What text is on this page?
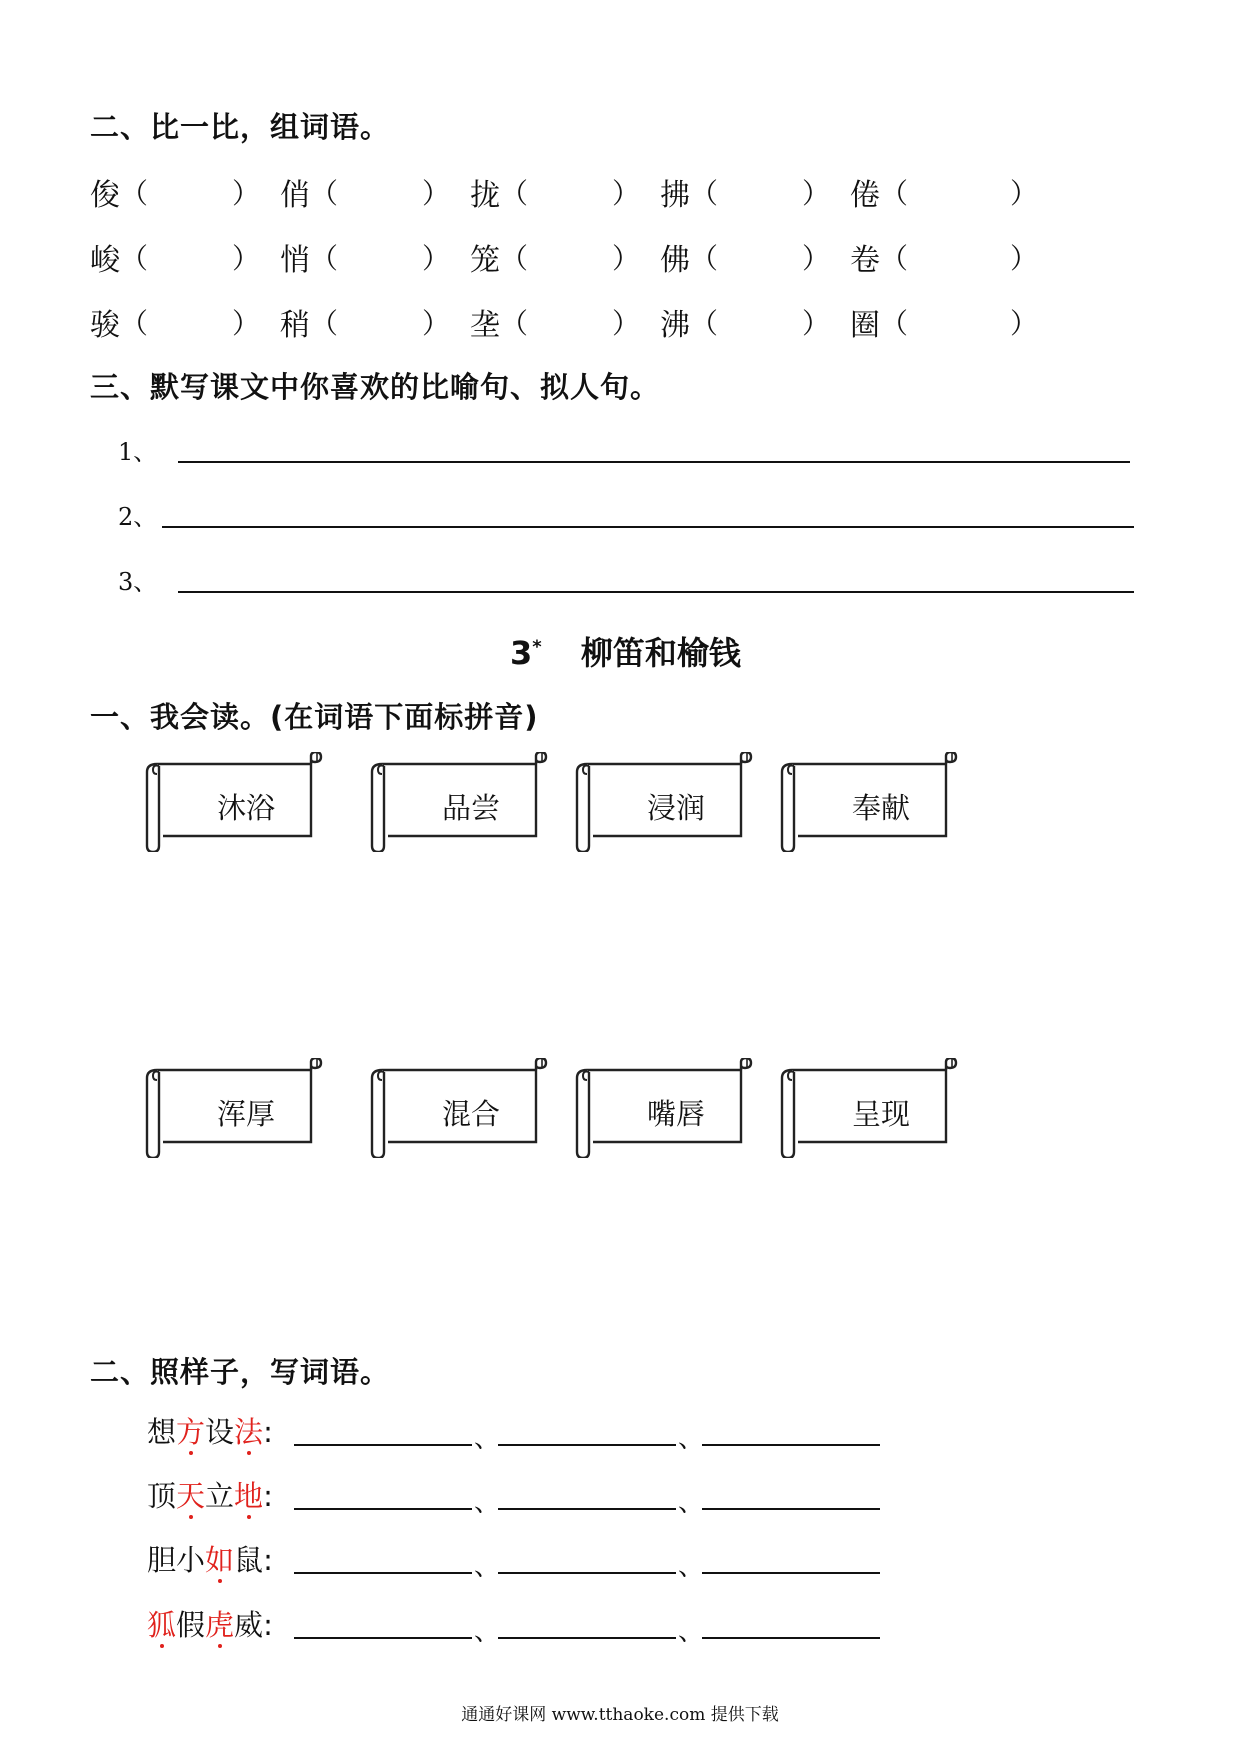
二、比一比，组词语。
俊 （	） 俏 （	） 拢 （	） 拂 （	） 倦 （	）
峻 （	） 悄 （	） 笼 （	） 佛 （	） 卷 （	）
骏 （	） 稍 （	） 垄 （	） 沸 （	） 圈 （	）
三、默写课文中你喜欢的比喻句、拟人句。
1、
2、
3、
3* 柳笛和榆钱
一、我会读。(在词语下面标拼音)
沐浴	品尝	浸润	奉献
浑厚	混合	嘴唇	呈现
二、照样子，写词语。
想方设法:	、	、
顶天立地:	、	、
胆小如鼠:	、	、
狐假虎威:	、	、
通通好课网 www.tthaoke.com 提供下载
